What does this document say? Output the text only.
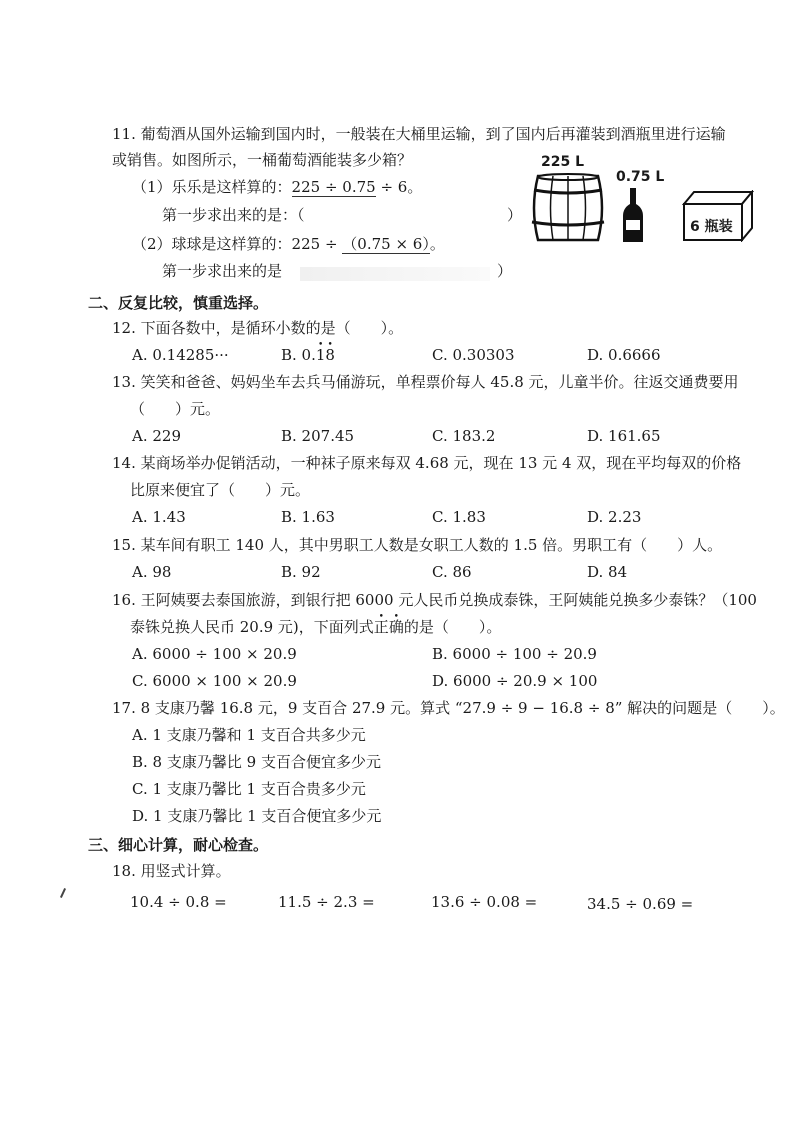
11. 葡萄酒从国外运输到国内时，一般装在大桶里运输，到了国内后再灌装到酒瓶里进行运输
或销售。如图所示，一桶葡萄酒能装多少箱？
（1）乐乐是这样算的：225 ÷ 0.75 ÷ 6。
第一步求出来的是：（	）
（2）球球是这样算的：225 ÷ （0.75 × 6）。
第一步求出来的是	）
225 L
0.75 L
6 瓶装
二、反复比较，慎重选择。
12. 下面各数中，是循环小数的是（　　）。
A. 0.14285···	B. 0.• 1• 8	C. 0.30303	D. 0.6666
13. 笑笑和爸爸、妈妈坐车去兵马俑游玩，单程票价每人 45.8 元，儿童半价。往返交通费要用
（　　）元。
A. 229	B. 207.45	C. 183.2	D. 161.65
14. 某商场举办促销活动，一种袜子原来每双 4.68 元，现在 13 元 4 双，现在平均每双的价格
比原来便宜了（　　）元。
A. 1.43	B. 1.63	C. 1.83	D. 2.23
15. 某车间有职工 140 人，其中男职工人数是女职工人数的 1.5 倍。男职工有（　　）人。
A. 98	B. 92	C. 86	D. 84
16. 王阿姨要去泰国旅游，到银行把 6000 元人民币兑换成泰铢，王阿姨能兑换多少泰铢？（100
泰铢兑换人民币 20.9 元)，下面列式正确的是（　　）。
A. 6000 ÷ 100 × 20.9	B. 6000 ÷ 100 ÷ 20.9
C. 6000 × 100 × 20.9	D. 6000 ÷ 20.9 × 100
17. 8 支康乃馨 16.8 元，9 支百合 27.9 元。算式 “27.9 ÷ 9 − 16.8 ÷ 8” 解决的问题是（　　）。
A. 1 支康乃馨和 1 支百合共多少元
B. 8 支康乃馨比 9 支百合便宜多少元
C. 1 支康乃馨比 1 支百合贵多少元
D. 1 支康乃馨比 1 支百合便宜多少元
三、细心计算，耐心检查。
18. 用竖式计算。
10.4 ÷ 0.8 =	11.5 ÷ 2.3 =	13.6 ÷ 0.08 =	34.5 ÷ 0.69 =
